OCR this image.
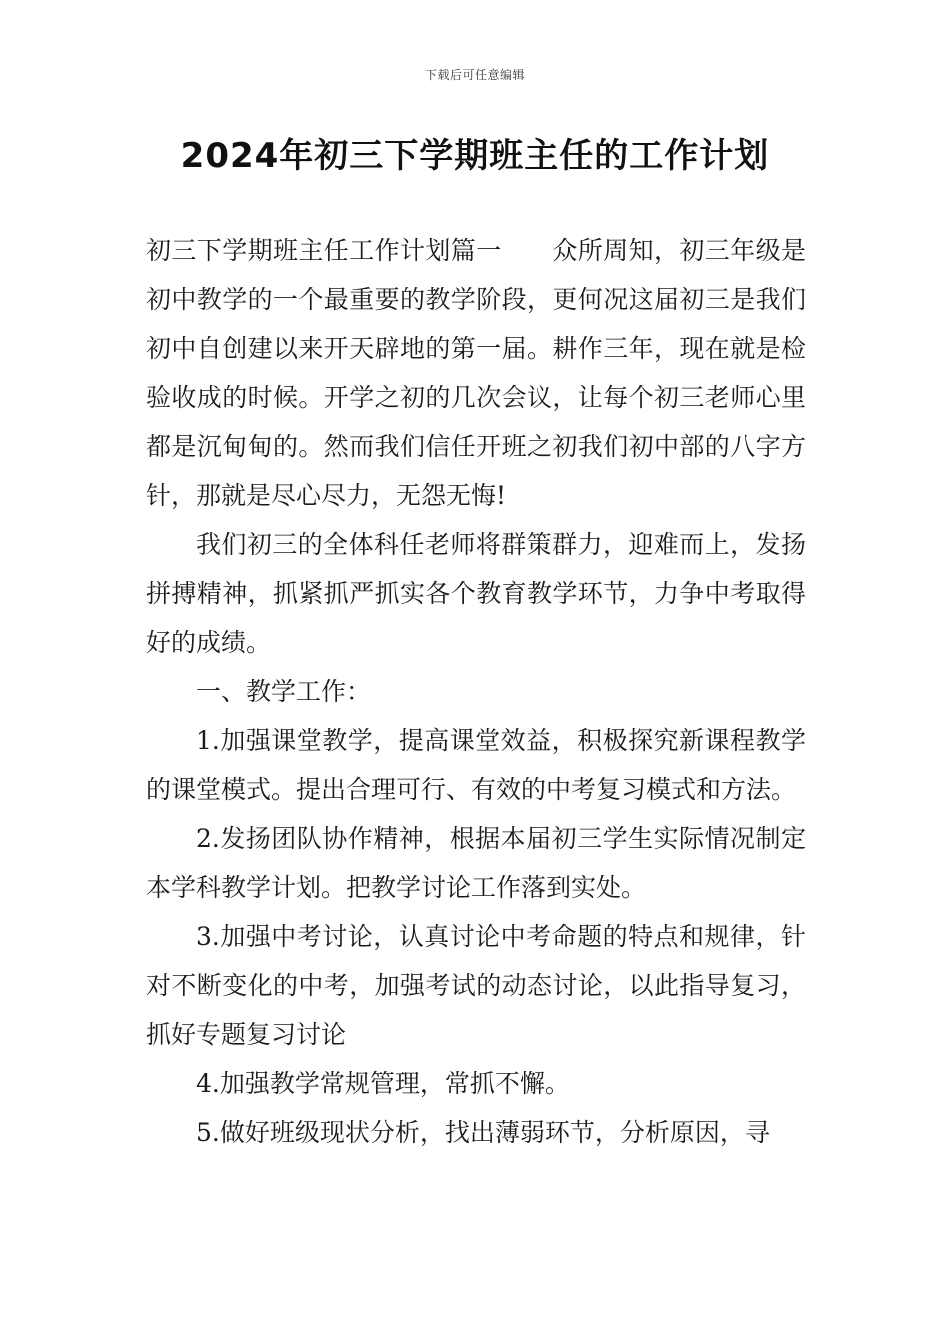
下载后可任意编辑
2024年初三下学期班主任的工作计划

初三下学期班主任工作计划篇一　　众所周知，初三年级是初中教学的一个最重要的教学阶段，更何况这届初三是我们初中自创建以来开天辟地的第一届。耕作三年，现在就是检验收成的时候。开学之初的几次会议，让每个初三老师心里都是沉甸甸的。然而我们信任开班之初我们初中部的八字方针，那就是尽心尽力，无怨无悔!

我们初三的全体科任老师将群策群力，迎难而上，发扬拼搏精神，抓紧抓严抓实各个教育教学环节，力争中考取得好的成绩。

一、教学工作：

1.加强课堂教学，提高课堂效益，积极探究新课程教学的课堂模式。提出合理可行、有效的中考复习模式和方法。

2.发扬团队协作精神，根据本届初三学生实际情况制定本学科教学计划。把教学讨论工作落到实处。

3.加强中考讨论，认真讨论中考命题的特点和规律，针对不断变化的中考，加强考试的动态讨论，以此指导复习，抓好专题复习讨论

4.加强教学常规管理，常抓不懈。

5.做好班级现状分析，找出薄弱环节，分析原因，寻
